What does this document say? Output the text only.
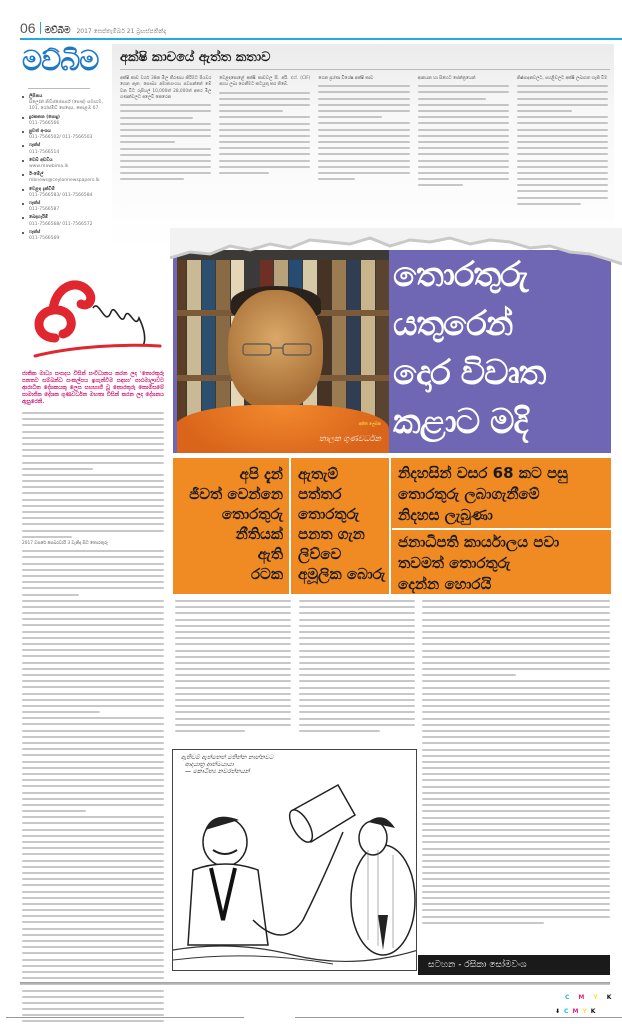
06 මව්බිම 2017 සෙප්තැම්බර් 21 බ්‍රහස්පතින්දා
මව්බිම
ලිපිනය
සිලෝන් නිව්ස්පේපර්ස් (පෞද්) සමාගම, 101, රෝස්මිඩ් පෙදෙස, කොළඹ 07.
දුරකතන (පොදු)
011-7566566
පුවත් අංශය
011-7566502/ 011-7566503
ෆැක්ස්
011-7566514
වෙබ් අඩවිය
www.mawbima.lk
ඊ-මේල්
mbnews@ceylonnewspapers.lk
වෙළඳ දැන්වීම්
011-7566583/ 011-7566584
ෆැක්ස්
011-7566587
බෙදාහැරීම්
011-7566568/ 011-7566572
ෆැක්ස්
011-7566569
අක්ෂි කාචයේ ඇත්ත කතාව
අක්ෂි කාච වර්ග 38ක මිල තීරණය කිරීමට පියවර ගෙන ඇත. සෞඛ්‍ය අමාත්‍යාංශය පවසන්නේ මේ වන විට රුපියල් 10,000ත් 28,000ත් අතර මිල ගණන්වලට අලෙවි කෙරෙන
වෙළඳපොළේ අක්ෂි කාචවල සී. අයි. එෆ්. (CIF) අගය ලබා ගෙනීමට කටයුතු කර තිබේ.
ගෙන ප්‍රශ්ණ විශේෂ අක්ෂි කාච	ආනයන හා සිහෙට ජෙන්ත්‍රයෙන්	නිෂ්පාදනවලට, පහළිවලට අක්ෂි ලබාගත හැකි වීම
අනිත ලේඛක
තාලක ගුණවර්ධන
තොරතුරු
යතුරෙන්
දොර විවෘත
කළාට මදි
අපි දැන්
ජීවත් වෙන්නෙ
තොරතුරු
නීතියක්
ඇති
රටක
ඇතැම්
පත්තර
තොරතුරු
පනත ගැන
ලිව්වෙ
අමූලික බොරු
නිදහසින් වසර 68 කට පසු
තොරතුරු ලබාගැනීමේ
නිදහස ලැබුණා
ජනාධිපති කාර්යාලය පවා
තවමත් තොරතුරු
දෙන්න හොරයි
නිදහස
ජාතික මාධ්‍ය සංසදය විසින් සංවිධානය කරන ලද 'තොරතුරු පනතට සම්බන්ධ සංකල්පය ඉගැන්වීම සඳහා' පාඨමාලාවට ආරාධිත දේශකයකු ලෙස සහභාගි වූ තොරතුරු කොමිසමේ සාමාජික දේශක ගුණවර්ධන මහතා විසින් කරන ලද දේශනය ඇසුරෙනි.
2017 වසරේ පෙබරවාරි 3 වැනිදා සිට තොරතුරු
ඇතිවම් ඇත්තෙත් මතින්න නාහ්නවට
ආදායාත්‍ර ආත්මයායා
— කොටිත්‍ය නවරත්නයන්
සටහන - රසිකා සෝමවංශ
C M Y K
⬇ C M Y K
